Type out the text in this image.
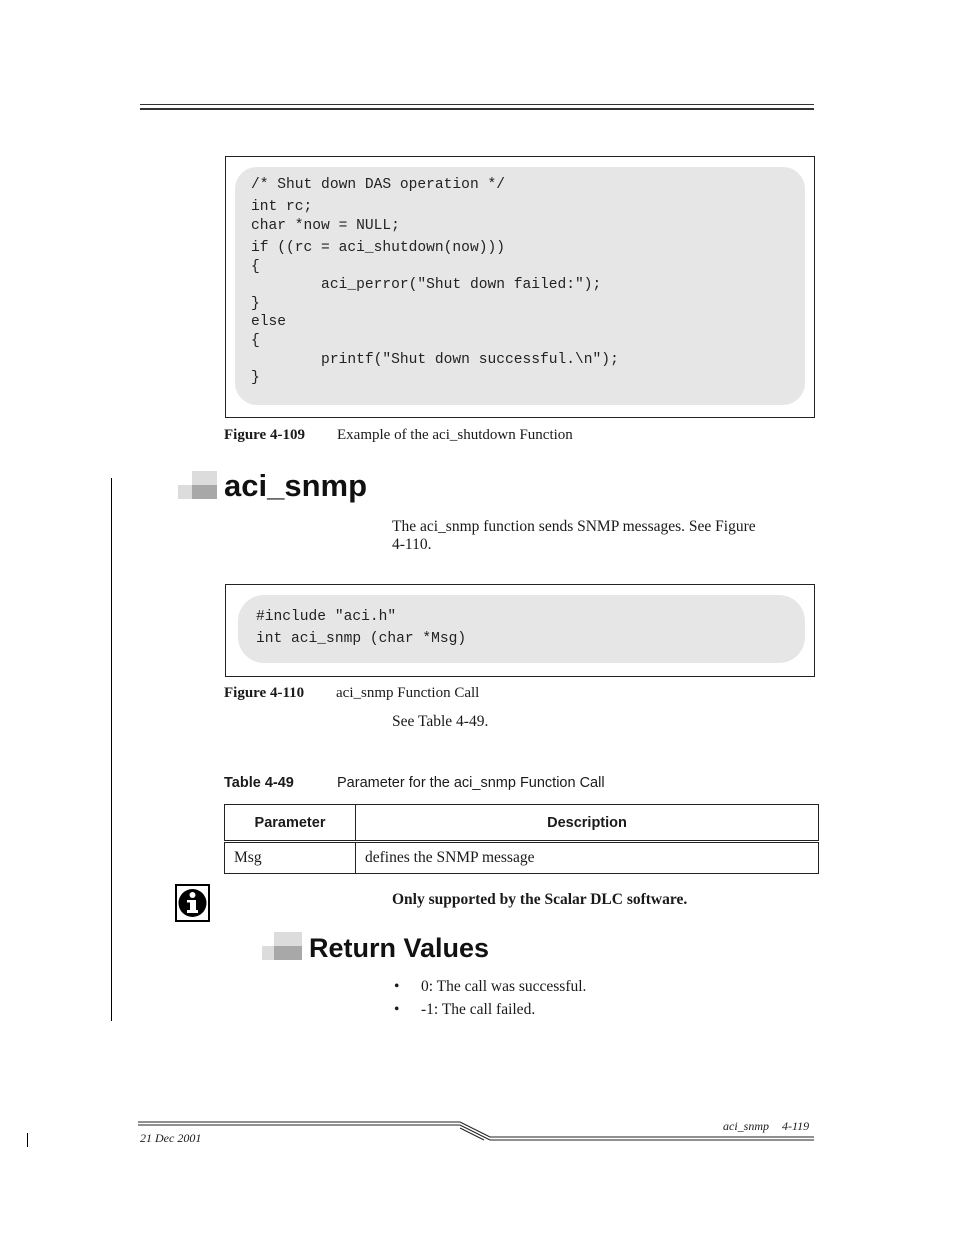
/* Shut down DAS operation */
int rc;
char *now = NULL;
if ((rc = aci_shutdown(now)))
{
aci_perror("Shut down failed:");
}
else
{
printf("Shut down successful.\n");
}
Figure 4-109 Example of the aci_shutdown Function
aci_snmp
The aci_snmp function sends SNMP messages. See Figure 4-110.
#include "aci.h"
int aci_snmp (char *Msg)
Figure 4-110 aci_snmp Function Call
See Table 4-49.
Table 4-49	Parameter for the aci_snmp Function Call
Parameter	Description
Msg	defines the SNMP message
Only supported by the Scalar DLC software.
Return Values
• 0: The call was successful.
• -1: The call failed.
21 Dec 2001
aci_snmp 4-119
